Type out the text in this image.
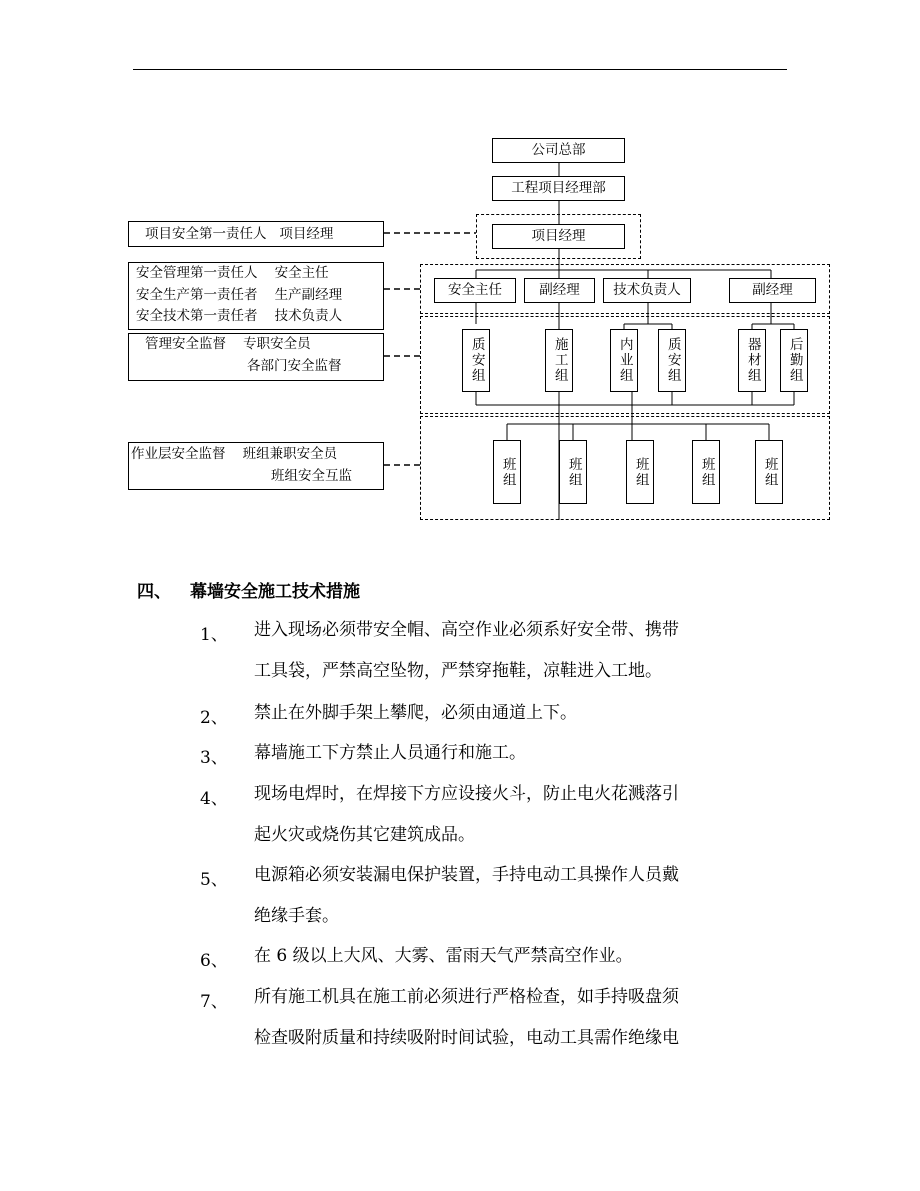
公司总部
工程项目经理部
项目经理
安全主任	副经理	技术负责人	副经理
质安组	施工组	内业组 质安组	器材组 后勤组
班组	班组	班组	班组	班组
项目安全第一责任人   项目经理
安全管理第一责任人    安全主任
安全生产第一责任者    生产副经理
安全技术第一责任者    技术负责人
管理安全监督    专职安全员
各部门安全监督
作业层安全监督    班组兼职安全员
班组安全互监
四、 幕墙安全施工技术措施
1、 进入现场必须带安全帽、高空作业必须系好安全带、携带
工具袋，严禁高空坠物，严禁穿拖鞋，凉鞋进入工地。
2、 禁止在外脚手架上攀爬，必须由通道上下。
3、 幕墙施工下方禁止人员通行和施工。
4、 现场电焊时，在焊接下方应设接火斗，防止电火花溅落引
起火灾或烧伤其它建筑成品。
5、 电源箱必须安装漏电保护装置，手持电动工具操作人员戴
绝缘手套。
6、 在 6 级以上大风、大雾、雷雨天气严禁高空作业。
7、 所有施工机具在施工前必须进行严格检查，如手持吸盘须
检查吸附质量和持续吸附时间试验，电动工具需作绝缘电
